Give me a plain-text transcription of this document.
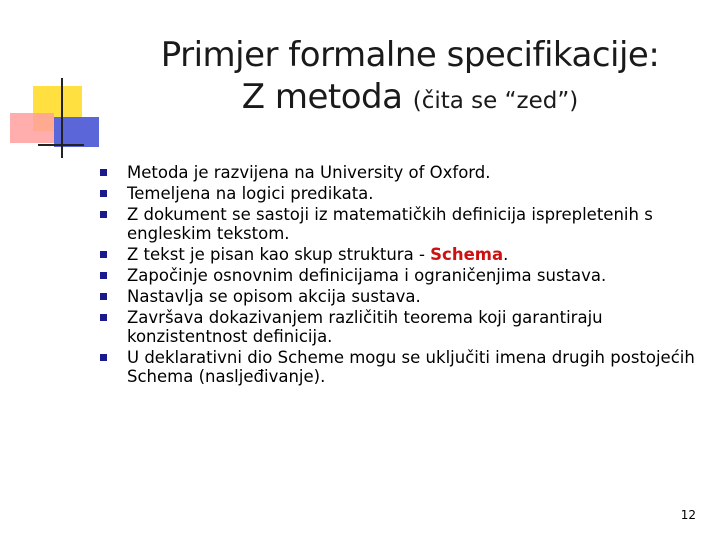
Primjer formalne specifikacije:
Z metoda (čita se “zed”)
Metoda je razvijena na University of Oxford.
Temeljena na logici predikata.
Z dokument se sastoji iz matematičkih definicija isprepletenih s engleskim tekstom.
Z tekst je pisan kao skup struktura - Schema.
Započinje osnovnim definicijama i ograničenjima sustava.
Nastavlja se opisom akcija sustava.
Završava dokazivanjem različitih teorema koji garantiraju konzistentnost definicija.
U deklarativni dio Scheme mogu se uključiti imena drugih postojećih Schema (nasljeđivanje).
12
